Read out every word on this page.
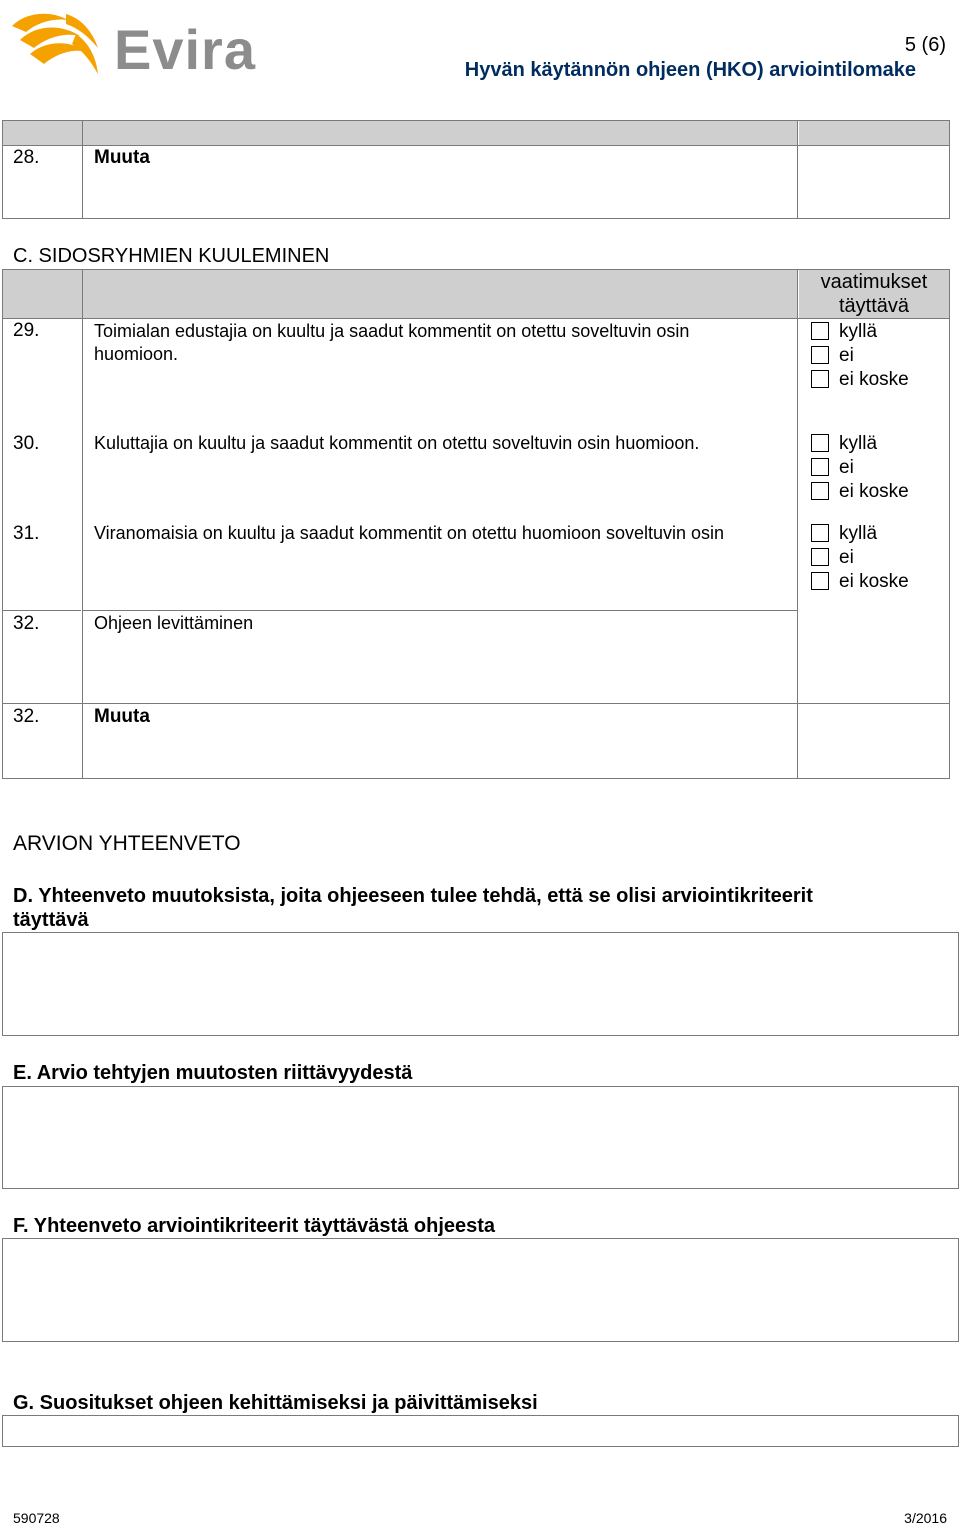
Evira	5 (6)
Hyvän käytännön ohjeen (HKO) arviointilomake
28.	Muuta
C. SIDOSRYHMIEN KUULEMINEN
vaatimukset
täyttävä
29.	Toimialan edustajia on kuultu ja saadut kommentit on otettu soveltuvin osin
huomioon.
kyllä
ei
ei koske
30.	Kuluttajia on kuultu ja saadut kommentit on otettu soveltuvin osin huomioon.	kyllä
ei
ei koske
31.	Viranomaisia on kuultu ja saadut kommentit on otettu huomioon soveltuvin osin	kyllä
ei
ei koske
32.	Ohjeen levittäminen
32.	Muuta
ARVION YHTEENVETO
D. Yhteenveto muutoksista, joita ohjeeseen tulee tehdä, että se olisi arviointikriteerit
täyttävä
E. Arvio tehtyjen muutosten riittävyydestä
F. Yhteenveto arviointikriteerit täyttävästä ohjeesta
G. Suositukset ohjeen kehittämiseksi ja päivittämiseksi
590728	3/2016
